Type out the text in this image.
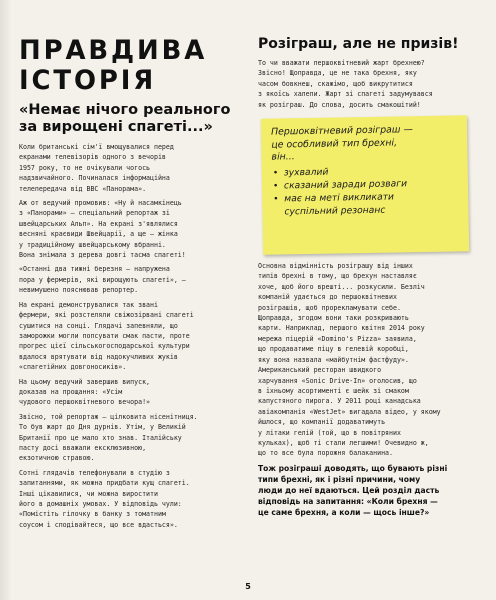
ПРАВДИВА
ІСТОРІЯ
«Немає нічого реального за вирощені спагеті...»

Коли британські сім'ї вмощувалися перед
екранами телевізорів одного з вечорів
1957 року, то не очікували чогось
надзвичайного. Починалася інформаційна
телепередача від ВВС «Панорама».

Аж от ведучий промовив: «Ну й насамкінець
з «Панорами» — спеціальний репортаж зі
швейцарських Альп». На екрані з'являлися
весняні краєвиди Швейцарії, а ще — жінка
у традиційному швейцарському вбранні.
Вона знімала з дерева довгі тасма спагеті!

«Останні два тижні березня — напружена
пора у фермерів, які вирощують спагеті», —
невимушено пояснював репортер.

На екрані демонструвалися так звані
фермери, які розстеляли свіжозірвані спагеті
сушитися на сонці. Глядачі запевняли, що
заморожки могли попсувати смак пасти, проте
прогрес цієї сільськогосподарської культури
вдалося врятувати від надокучливих жуків
«спагетійних довгоносиків».

На цьому ведучий завершив випуск,
доказав на прощання: «Усім
чудового першоквітневого вечора!»

Звісно, той репортаж — цілковита нісенітниця.
То був жарт до Дня дурнів. Утім, у Великій
Британії про це мало хто знав. Італійську
пасту досі вважали ексклюзивною,
екзотичною стравою.

Сотні глядачів телефонували в студію з
запитаннями, як можна придбати кущ спагеті.
Інші цікавилися, чи можна виростити
його в домашніх умовах. У відповідь чули:
«Помістіть гілочку в банку з томатним
соусом і сподівайтеся, що все вдасться».

Розіграш, але не призів!

То чи вважати першоквітневий жарт брехнею?
Звісно! Щоправда, це не така брехня, яку
часом бовкнеш, скажімо, щоб викрутитися
з якоїсь халепи. Жарт зі спагеті задумувався
як розіграш. До слова, досить смакошітий!

Першоквітневий розіграш —
це особливий тип брехні,
він...

• зухвалий
• сказаний заради розваги
• має на меті викликати
суспільний резонанс

Основна відмінність розіграшу від інших
типів брехні в тому, що брехун наставляє
хоче, щоб його врешті... розкусили. Безліч
компаній удається до першоквітневих
розіграшів, щоб прорекламувати себе.
Щоправда, згодом вони таки розкривають
карти. Наприклад, першого квітня 2014 року
мережа піцерій «Domino's Pizza» заявила,
що продаватиме піцу в гелевій коробці,
яку вона назвала «майбутнім фастфуду».
Американський ресторан швидкого
харчування «Sonic Drive-In» оголосив, що
в їхньому асортименті є шейк зі смаком
капустяного пирога. У 2011 році канадська
авіакомпанія «WestJet» вигадала відео, у якому
йшлося, що компанії додаватимуть
у літаки гелій (той, що в повітряних
кульках), щоб ті стали легшими! Очевидно ж,
що то все була порожня балаканина.

Тож розіграші доводять, що бувають різні
типи брехні, як і різні причини, чому
люди до неї вдаються. Цей розділ дасть
відповідь на запитання: «Коли брехня —
це саме брехня, а коли — щось інше?»

5
